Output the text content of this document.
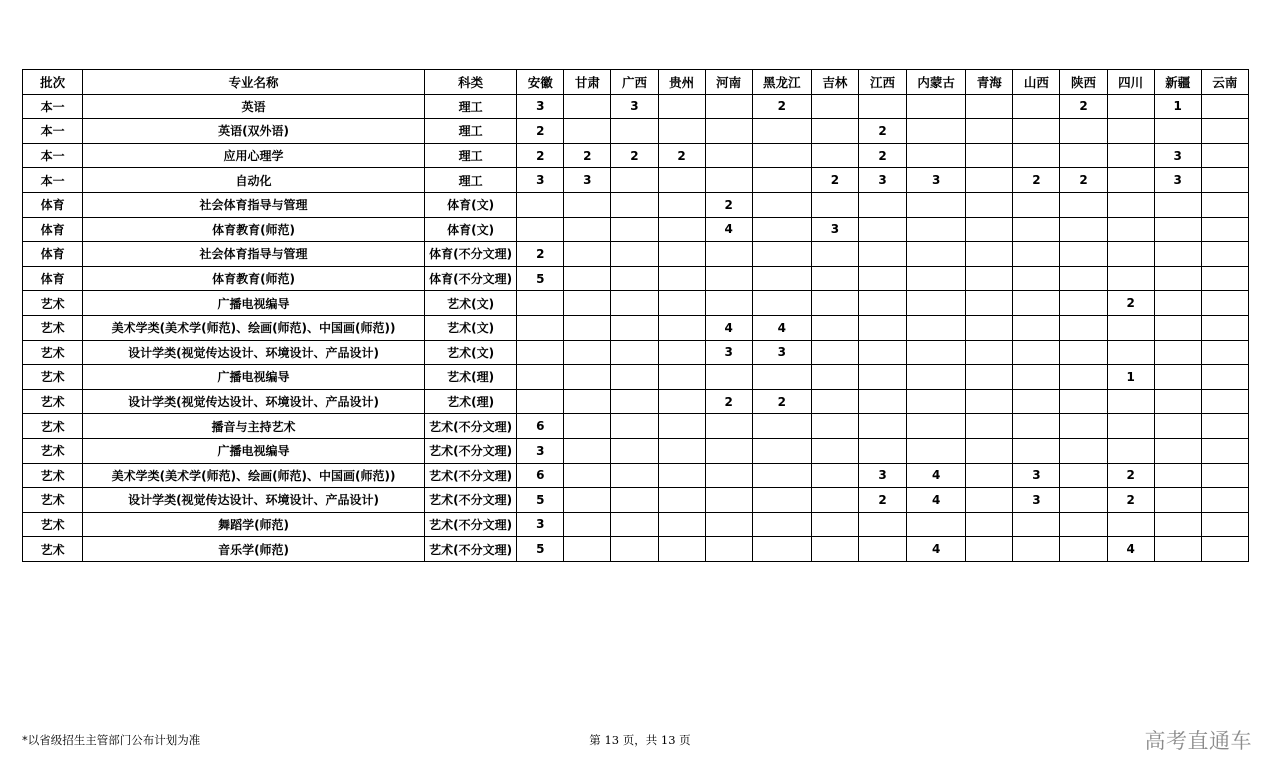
批次	专业名称	科类	安徽	甘肃	广西	贵州	河南	黑龙江	吉林	江西	内蒙古	青海	山西	陕西	四川	新疆	云南
本一	英语	理工	3		3			2						2		1	
本一	英语(双外语)	理工	2							2							
本一	应用心理学	理工	2	2	2	2				2						3	
本一	自动化	理工	3	3					2	3	3		2	2		3	
体育	社会体育指导与管理	体育(文)					2										
体育	体育教育(师范)	体育(文)					4		3								
体育	社会体育指导与管理	体育(不分文理)	2														
体育	体育教育(师范)	体育(不分文理)	5														
艺术	广播电视编导	艺术(文)													2		
艺术	美术学类(美术学(师范)、绘画(师范)、中国画(师范))	艺术(文)					4	4									
艺术	设计学类(视觉传达设计、环境设计、产品设计)	艺术(文)					3	3									
艺术	广播电视编导	艺术(理)													1		
艺术	设计学类(视觉传达设计、环境设计、产品设计)	艺术(理)					2	2									
艺术	播音与主持艺术	艺术(不分文理)	6														
艺术	广播电视编导	艺术(不分文理)	3														
艺术	美术学类(美术学(师范)、绘画(师范)、中国画(师范))	艺术(不分文理)	6							3	4		3		2		
艺术	设计学类(视觉传达设计、环境设计、产品设计)	艺术(不分文理)	5							2	4		3		2		
艺术	舞蹈学(师范)	艺术(不分文理)	3														
艺术	音乐学(师范)	艺术(不分文理)	5								4				4		
*以省级招生主管部门公布计划为准	第 13 页，共 13 页	高考直通车
